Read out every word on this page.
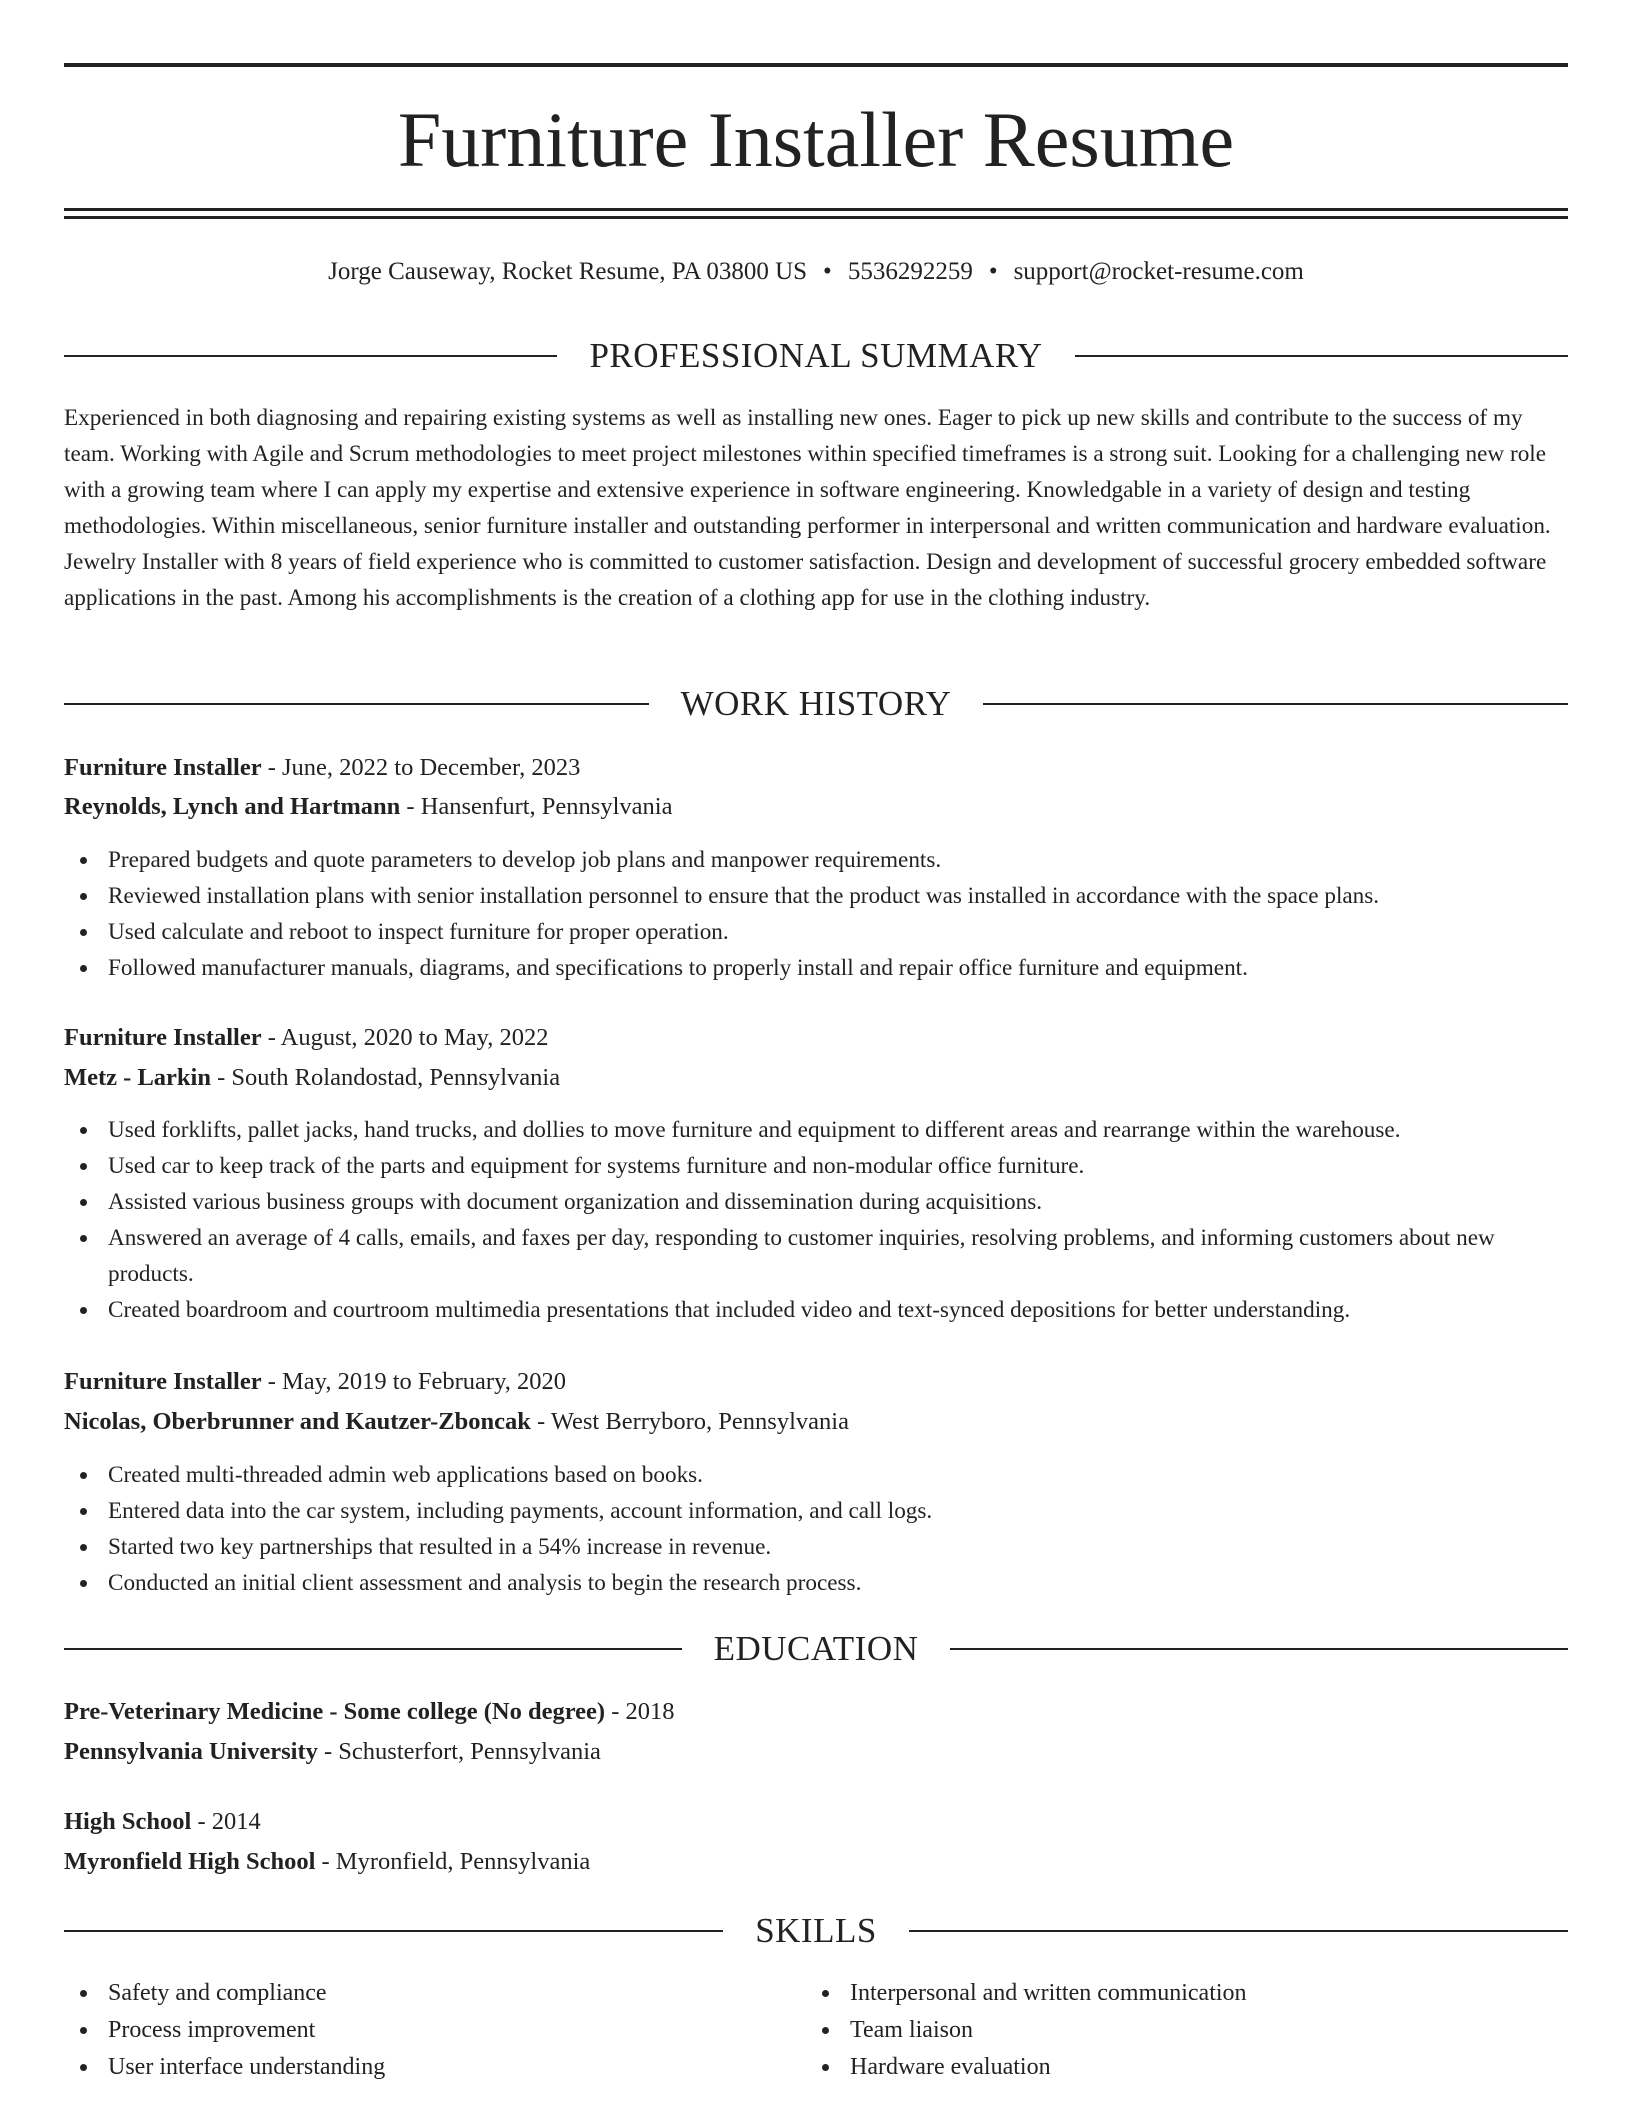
Furniture Installer Resume
Jorge Causeway, Rocket Resume, PA 03800 US • 5536292259 • support@rocket-resume.com
PROFESSIONAL SUMMARY

Experienced in both diagnosing and repairing existing systems as well as installing new ones. Eager to pick up new skills and contribute to the success of my team. Working with Agile and Scrum methodologies to meet project milestones within specified timeframes is a strong suit. Looking for a challenging new role with a growing team where I can apply my expertise and extensive experience in software engineering. Knowledgable in a variety of design and testing methodologies. Within miscellaneous, senior furniture installer and outstanding performer in interpersonal and written communication and hardware evaluation. Jewelry Installer with 8 years of field experience who is committed to customer satisfaction. Design and development of successful grocery embedded software applications in the past. Among his accomplishments is the creation of a clothing app for use in the clothing industry.

WORK HISTORY
Furniture Installer - June, 2022 to December, 2023
Reynolds, Lynch and Hartmann - Hansenfurt, Pennsylvania
Prepared budgets and quote parameters to develop job plans and manpower requirements.
Reviewed installation plans with senior installation personnel to ensure that the product was installed in accordance with the space plans.
Used calculate and reboot to inspect furniture for proper operation.
Followed manufacturer manuals, diagrams, and specifications to properly install and repair office furniture and equipment.
Furniture Installer - August, 2020 to May, 2022
Metz - Larkin - South Rolandostad, Pennsylvania
Used forklifts, pallet jacks, hand trucks, and dollies to move furniture and equipment to different areas and rearrange within the warehouse.
Used car to keep track of the parts and equipment for systems furniture and non-modular office furniture.
Assisted various business groups with document organization and dissemination during acquisitions.
Answered an average of 4 calls, emails, and faxes per day, responding to customer inquiries, resolving problems, and informing customers about new products.
Created boardroom and courtroom multimedia presentations that included video and text-synced depositions for better understanding.
Furniture Installer - May, 2019 to February, 2020
Nicolas, Oberbrunner and Kautzer-Zboncak - West Berryboro, Pennsylvania
Created multi-threaded admin web applications based on books.
Entered data into the car system, including payments, account information, and call logs.
Started two key partnerships that resulted in a 54% increase in revenue.
Conducted an initial client assessment and analysis to begin the research process.
EDUCATION
Pre-Veterinary Medicine - Some college (No degree) - 2018
Pennsylvania University - Schusterfort, Pennsylvania
High School - 2014
Myronfield High School - Myronfield, Pennsylvania
SKILLS
Safety and compliance
Process improvement
User interface understanding
Interpersonal and written communication
Team liaison
Hardware evaluation
